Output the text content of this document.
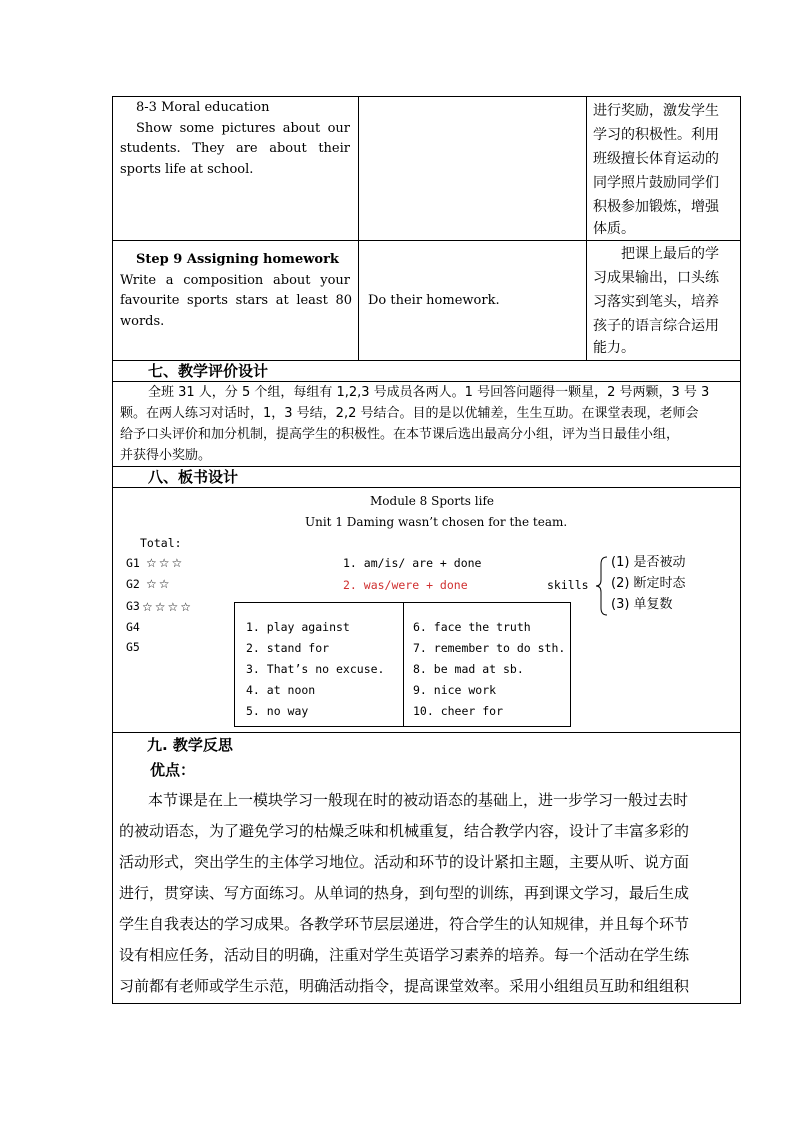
8-3 Moral education
Show some pictures about our
students. They are about their
sports life at school.
进行奖励，激发学生
学习的积极性。利用
班级擅长体育运动的
同学照片鼓励同学们
积极参加锻炼，增强
体质。
Step 9 Assigning homework
Write a composition about your
favourite sports stars at least 80
words.
Do their homework.
把课上最后的学
习成果输出，口头练
习落实到笔头，培养
孩子的语言综合运用
能力。
七、教学评价设计
全班 31 人，分 5 个组，每组有 1,2,3 号成员各两人。1 号回答问题得一颗星，2 号两颗，3 号 3
颗。在两人练习对话时，1，3 号结，2,2 号结合。目的是以优辅差，生生互助。在课堂表现，老师会
给予口头评价和加分机制，提高学生的积极性。在本节课后选出最高分小组，评为当日最佳小组，
并获得小奖励。
八、板书设计
Module 8 Sports life
Unit 1 Daming wasn’t chosen for the team.
Total:
G1 ☆☆☆
G2 ☆☆
G3 ☆☆☆☆
G4
G5
1. am/is/ are + done
2. was/were + done	skills
(1) 是否被动
(2) 断定时态
(3) 单复数
1. play against
2. stand for
3. That’s no excuse.
4. at noon
5. no way
6. face the truth
7. remember to do sth.
8. be mad at sb.
9. nice work
10. cheer for
九. 教学反思
优点：
本节课是在上一模块学习一般现在时的被动语态的基础上，进一步学习一般过去时
的被动语态，为了避免学习的枯燥乏味和机械重复，结合教学内容，设计了丰富多彩的
活动形式，突出学生的主体学习地位。活动和环节的设计紧扣主题，主要从听、说方面
进行，贯穿读、写方面练习。从单词的热身，到句型的训练，再到课文学习，最后生成
学生自我表达的学习成果。各教学环节层层递进，符合学生的认知规律，并且每个环节
设有相应任务，活动目的明确，注重对学生英语学习素养的培养。每一个活动在学生练
习前都有老师或学生示范，明确活动指令，提高课堂效率。采用小组组员互助和组组积
